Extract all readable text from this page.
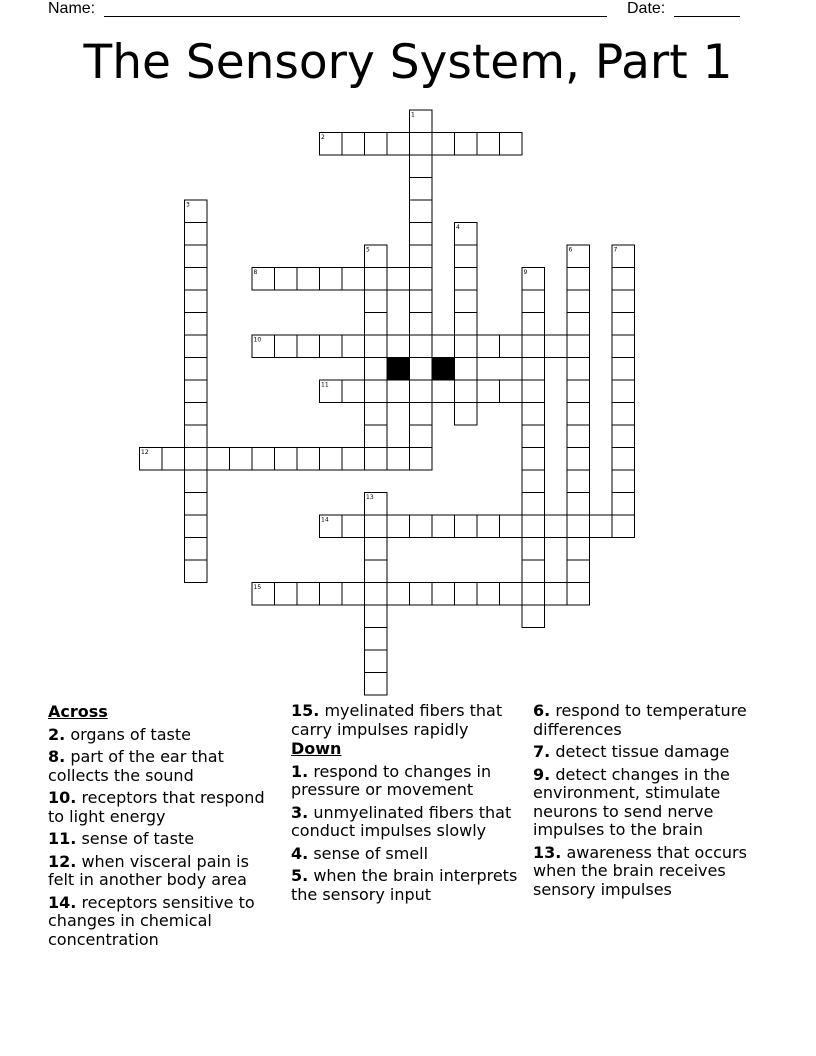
Name:	Date:
The Sensory System, Part 1
2
8
10
11
12
14
15
1
3
4
5	6	7
9
13
Across
2. organs of taste
8. part of the ear that collects the sound
10. receptors that respond to light energy
11. sense of taste
12. when visceral pain is felt in another body area
14. receptors sensitive to changes in chemical concentration
15. myelinated fibers that carry impulses rapidly
Down
1. respond to changes in pressure or movement
3. unmyelinated fibers that conduct impulses slowly
4. sense of smell
5. when the brain interprets the sensory input
6. respond to temperature differences
7. detect tissue damage
9. detect changes in the environment, stimulate neurons to send nerve impulses to the brain
13. awareness that occurs when the brain receives sensory impulses
